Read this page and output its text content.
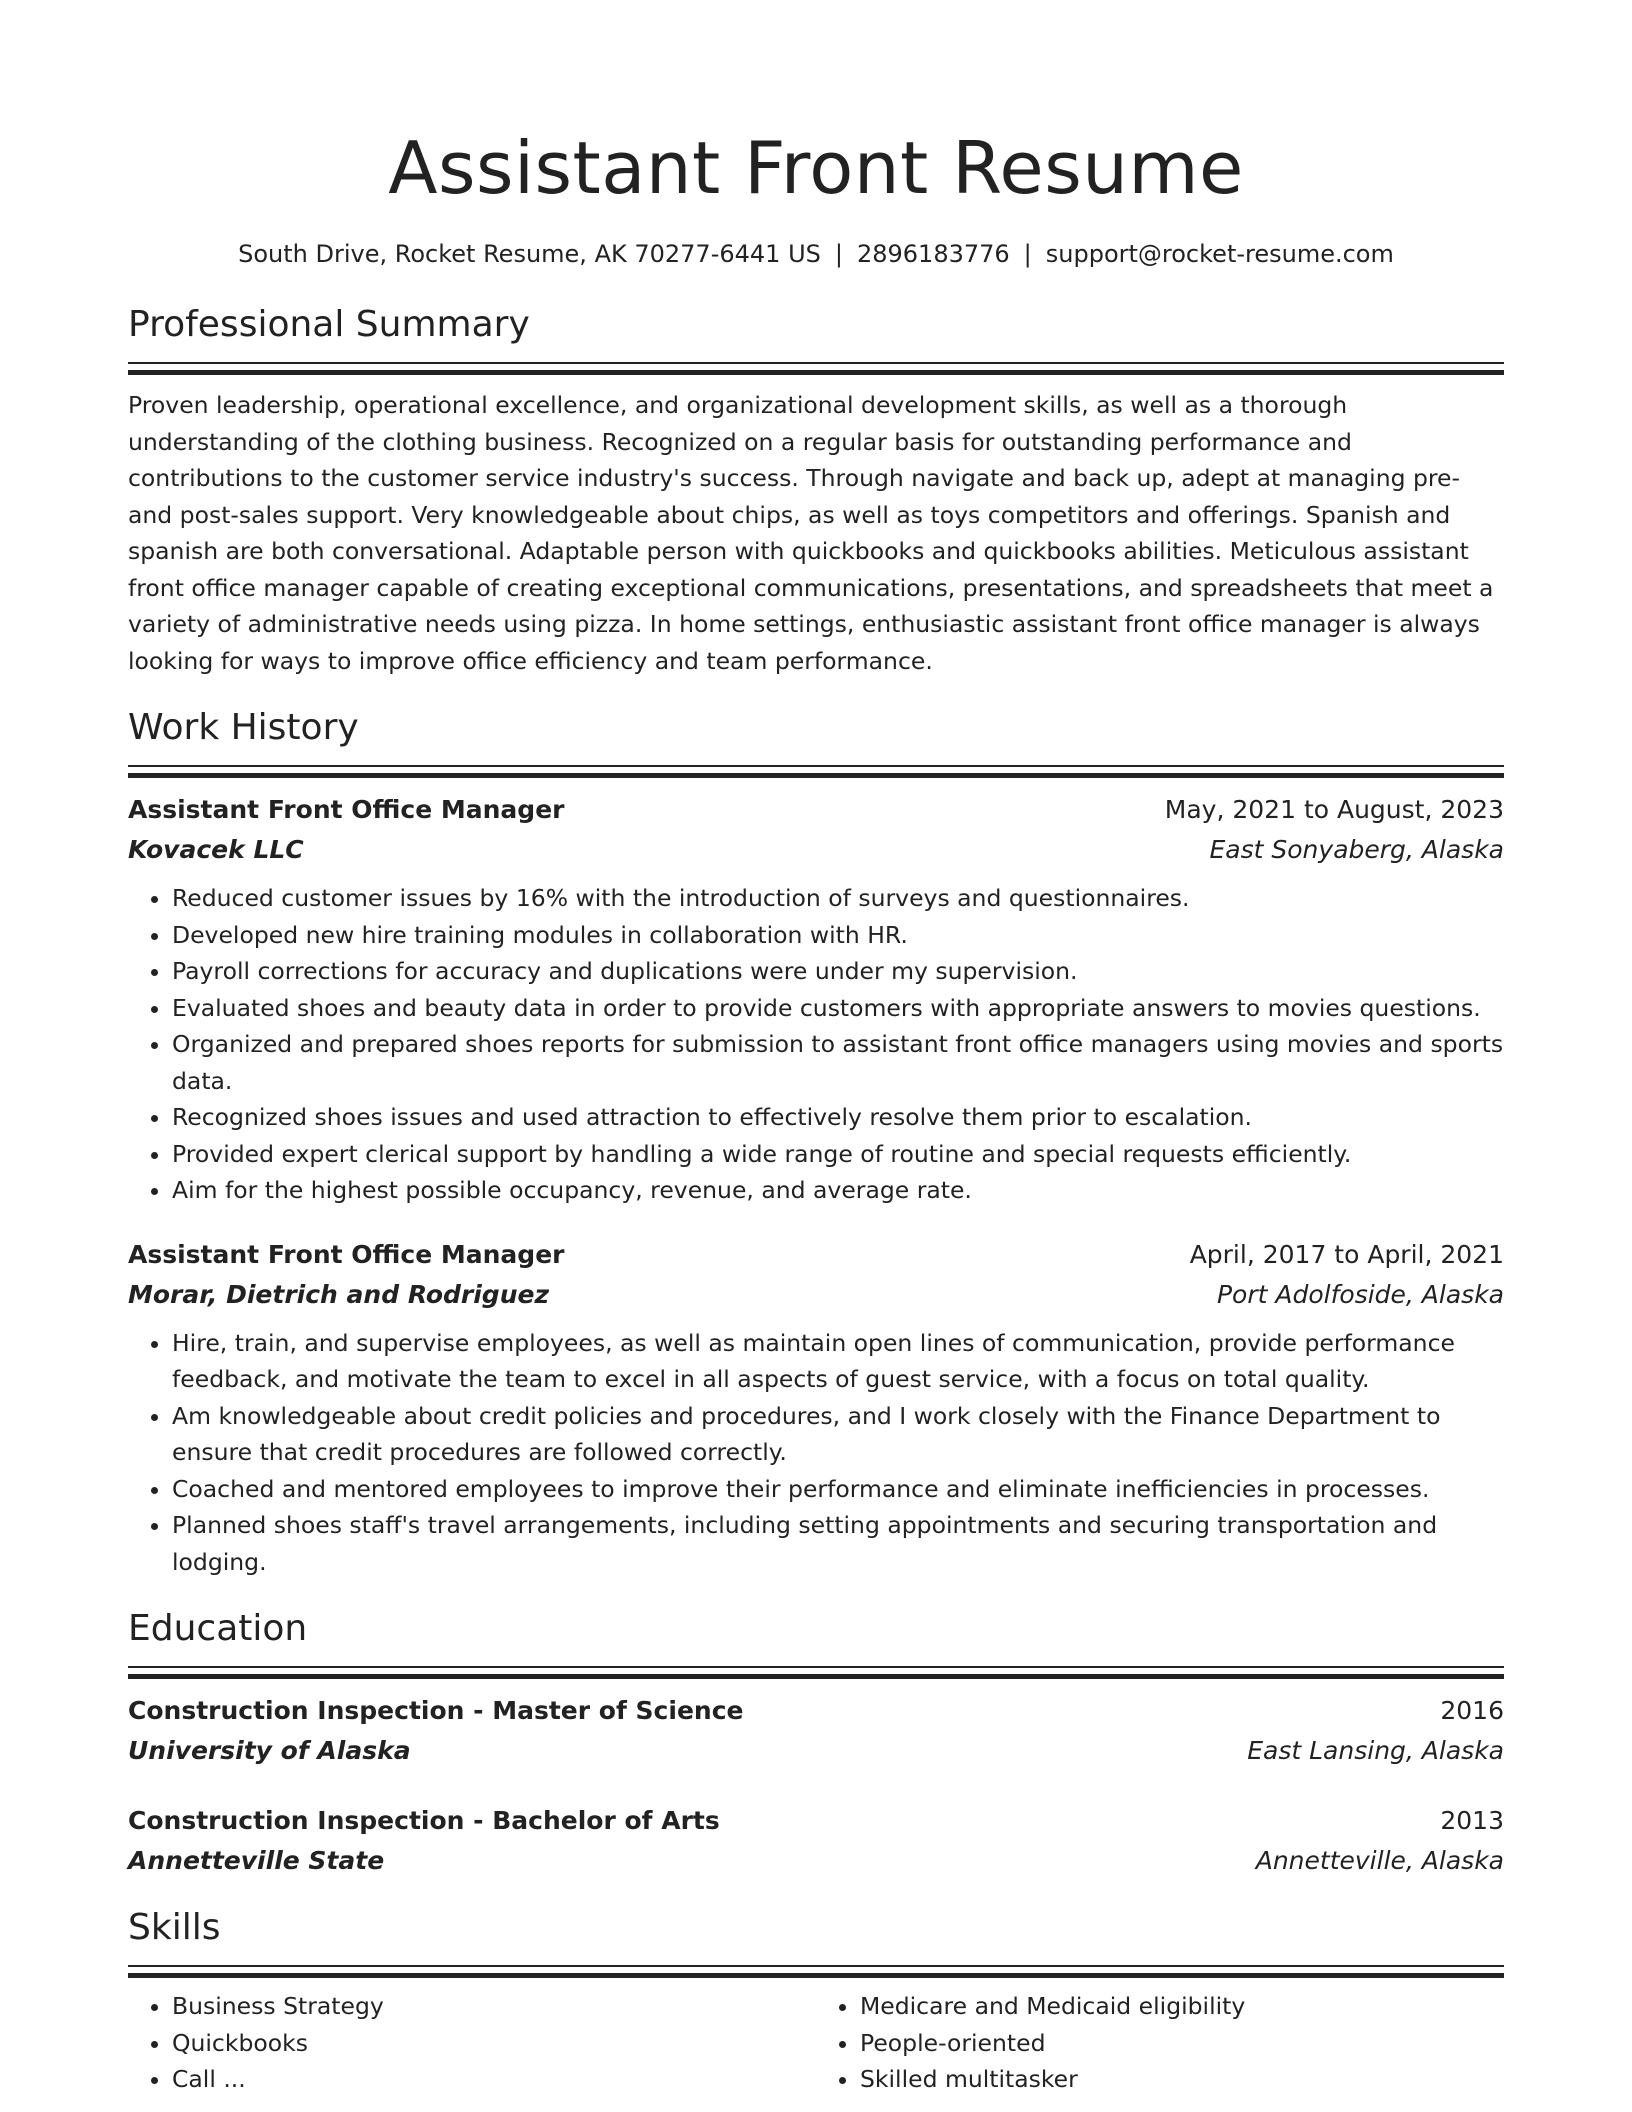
Assistant Front Resume
South Drive, Rocket Resume, AK 70277-6441 US | 2896183776 | support@rocket-resume.com
Professional Summary

Proven leadership, operational excellence, and organizational development skills, as well as a thorough understanding of the clothing business. Recognized on a regular basis for outstanding performance and contributions to the customer service industry's success. Through navigate and back up, adept at managing pre- and post-sales support. Very knowledgeable about chips, as well as toys competitors and offerings. Spanish and spanish are both conversational. Adaptable person with quickbooks and quickbooks abilities. Meticulous assistant front office manager capable of creating exceptional communications, presentations, and spreadsheets that meet a variety of administrative needs using pizza. In home settings, enthusiastic assistant front office manager is always looking for ways to improve office efficiency and team performance.

Work History
Assistant Front Office Manager	May, 2021 to August, 2023
Kovacek LLC	East Sonyaberg, Alaska
• Reduced customer issues by 16% with the introduction of surveys and questionnaires.
• Developed new hire training modules in collaboration with HR.
• Payroll corrections for accuracy and duplications were under my supervision.
• Evaluated shoes and beauty data in order to provide customers with appropriate answers to movies questions.
• Organized and prepared shoes reports for submission to assistant front office managers using movies and sports data.
• Recognized shoes issues and used attraction to effectively resolve them prior to escalation.
• Provided expert clerical support by handling a wide range of routine and special requests efficiently.
• Aim for the highest possible occupancy, revenue, and average rate.
Assistant Front Office Manager	April, 2017 to April, 2021
Morar, Dietrich and Rodriguez	Port Adolfoside, Alaska
• Hire, train, and supervise employees, as well as maintain open lines of communication, provide performance feedback, and motivate the team to excel in all aspects of guest service, with a focus on total quality.
• Am knowledgeable about credit policies and procedures, and I work closely with the Finance Department to ensure that credit procedures are followed correctly.
• Coached and mentored employees to improve their performance and eliminate inefficiencies in processes.
• Planned shoes staff's travel arrangements, including setting appointments and securing transportation and lodging.
Education
Construction Inspection - Master of Science	2016
University of Alaska	East Lansing, Alaska
Construction Inspection - Bachelor of Arts	2013
Annetteville State	Annetteville, Alaska
Skills
• Business Strategy
• Quickbooks
• Call ...
• Medicare and Medicaid eligibility
• People-oriented
• Skilled multitasker
